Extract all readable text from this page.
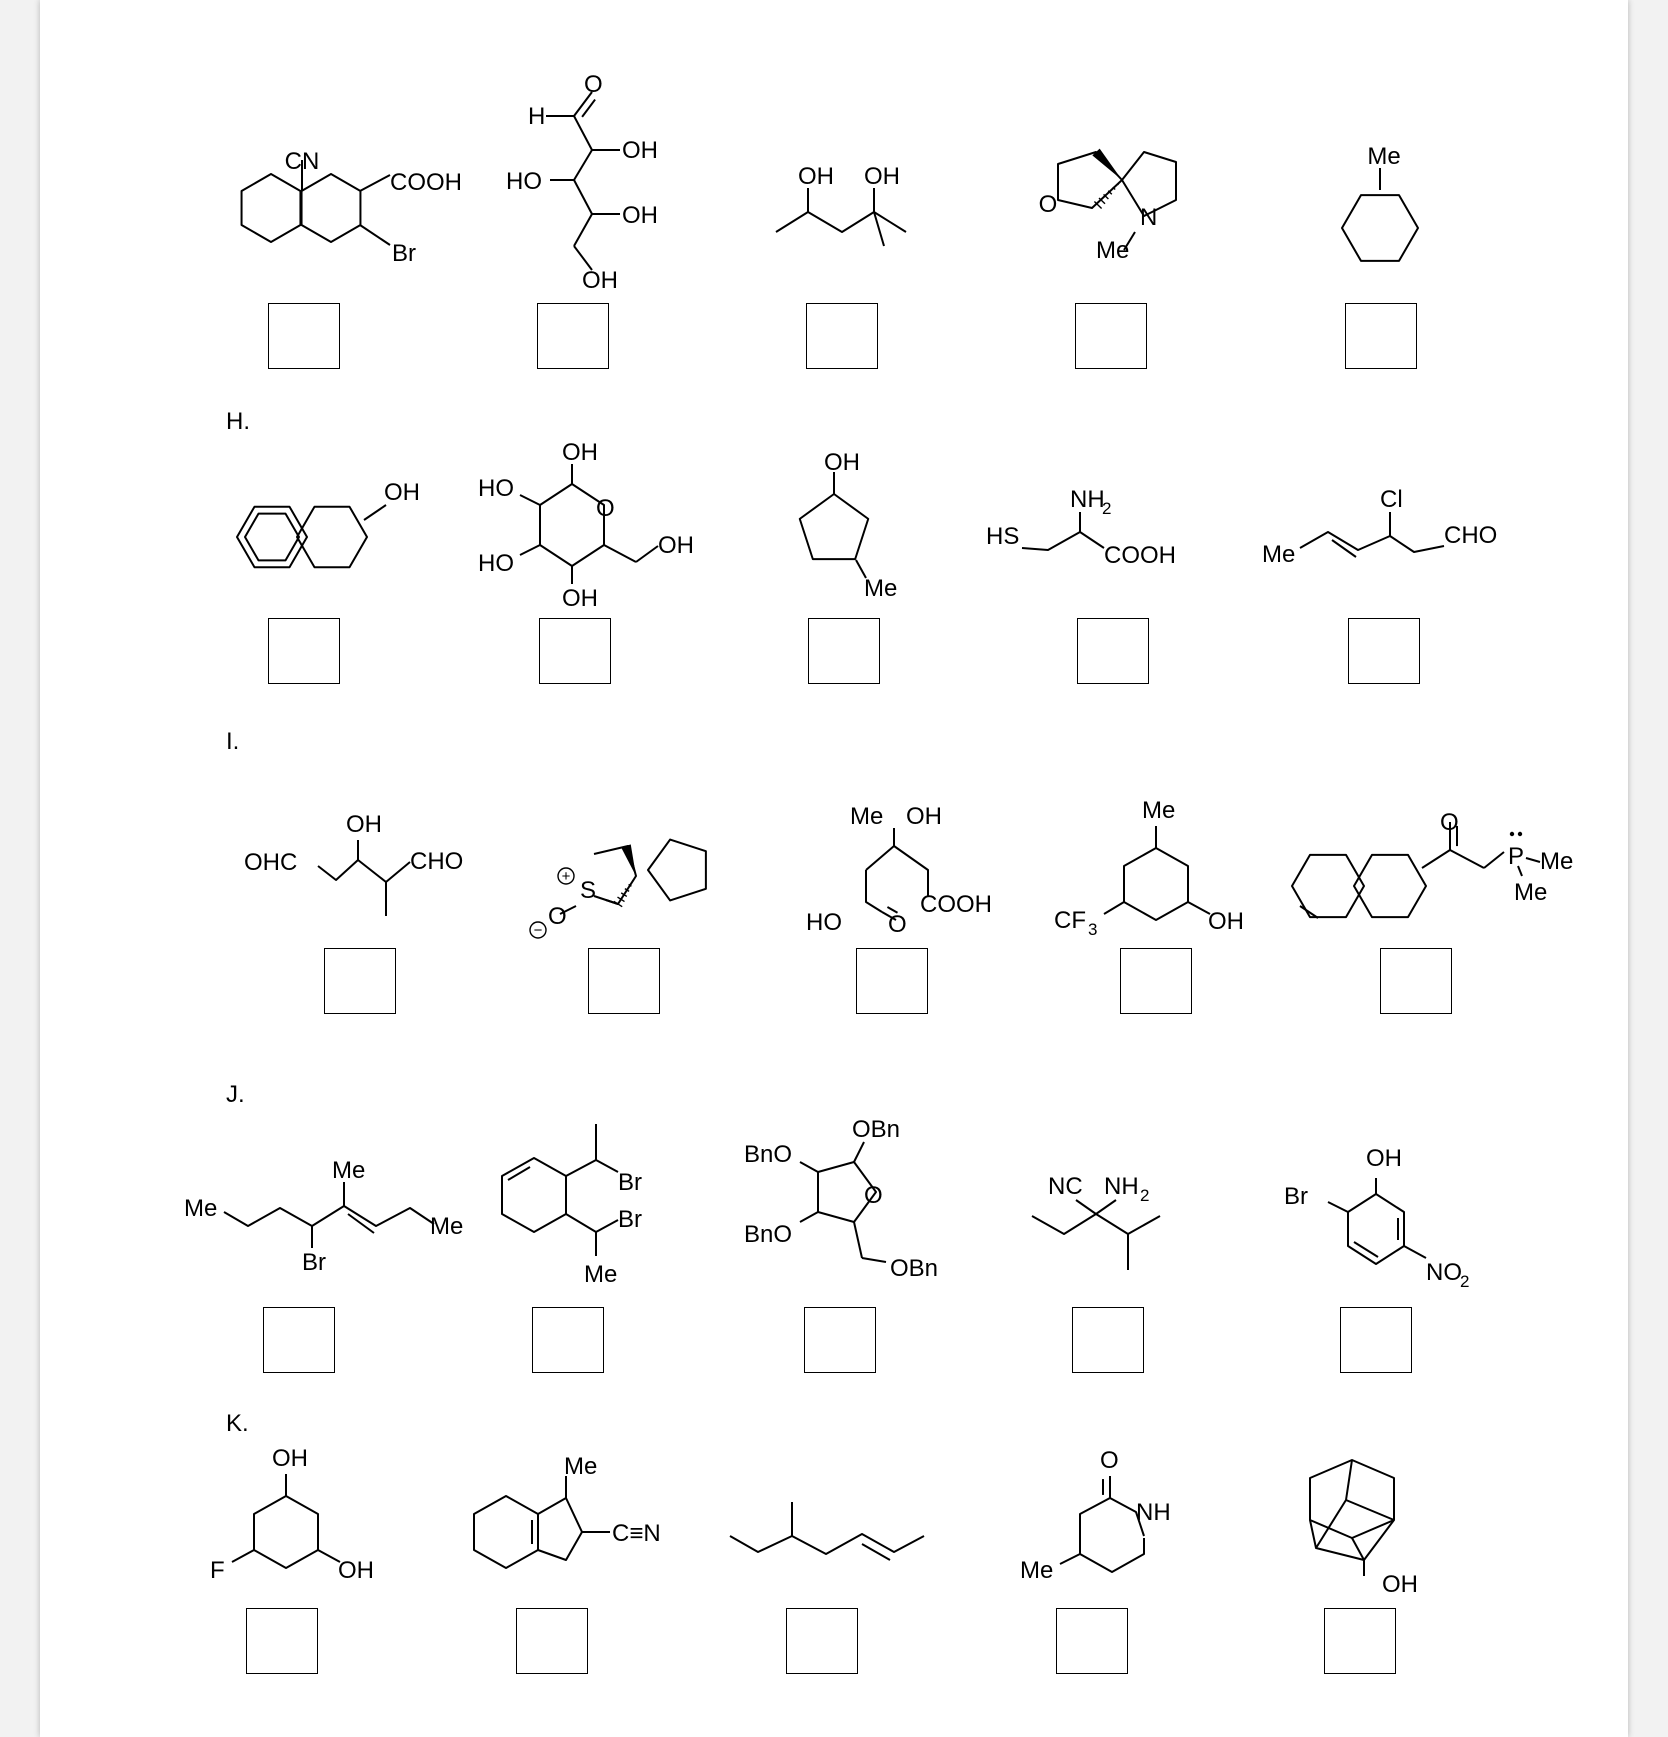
CN
COOH
Br
H
O
OH
HO
OH
OH
OH OH
O	N
Me
Me
OH
OH
HO
O
HO
OH
OH
OH
Me
NH
2
HS
COOH
Cl
Me
CHO
OH
OHC	CHO
+
S
O
−
Me OH
HO O
COOH
Me
CF 3	OH
O
P Me
Me
Me
Me
Me
Br
Br
Br
Me
OBn
BnO
O
BnO
OBn
NC NH 2
OH
Br
NO
2
OH
F	OH
Me
C≡N
O
NH
Me
OH
H.
I.
J.
K.
